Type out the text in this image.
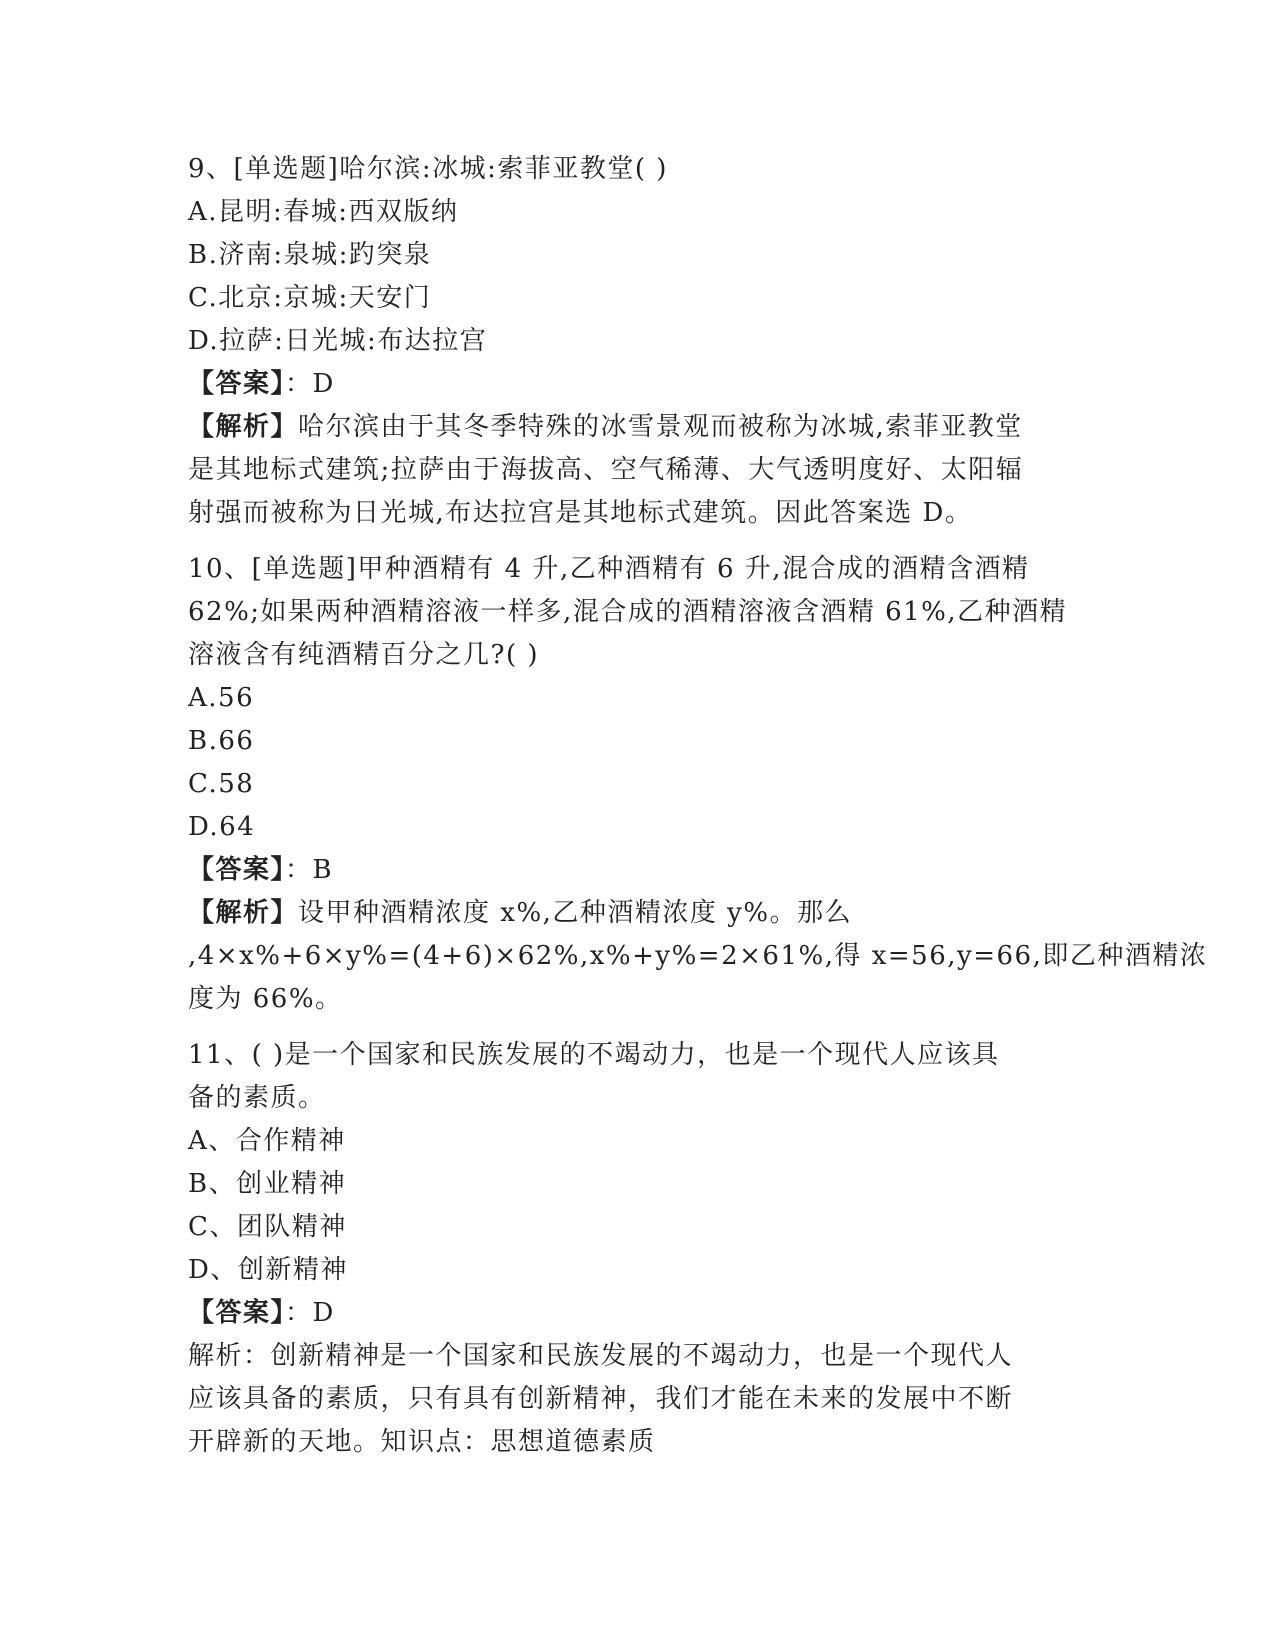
9、[单选题]哈尔滨:冰城:索菲亚教堂( )
A.昆明:春城:西双版纳
B.济南:泉城:趵突泉
C.北京:京城:天安门
D.拉萨:日光城:布达拉宫
【答案】：D
【解析】哈尔滨由于其冬季特殊的冰雪景观而被称为冰城,索菲亚教堂
是其地标式建筑;拉萨由于海拔高、空气稀薄、大气透明度好、太阳辐
射强而被称为日光城,布达拉宫是其地标式建筑。因此答案选 D。
10、[单选题]甲种酒精有 4 升,乙种酒精有 6 升,混合成的酒精含酒精
62%;如果两种酒精溶液一样多,混合成的酒精溶液含酒精 61%,乙种酒精
溶液含有纯酒精百分之几?( )
A.56
B.66
C.58
D.64
【答案】：B
【解析】设甲种酒精浓度 x%,乙种酒精浓度 y%。那么
,4×x%+6×y%=(4+6)×62%,x%+y%=2×61%,得 x=56,y=66,即乙种酒精浓
度为 66%。
11、( )是一个国家和民族发展的不竭动力，也是一个现代人应该具
备的素质。
A、合作精神
B、创业精神
C、团队精神
D、创新精神
【答案】：D
解析：创新精神是一个国家和民族发展的不竭动力，也是一个现代人
应该具备的素质，只有具有创新精神，我们才能在未来的发展中不断
开辟新的天地。知识点：思想道德素质
